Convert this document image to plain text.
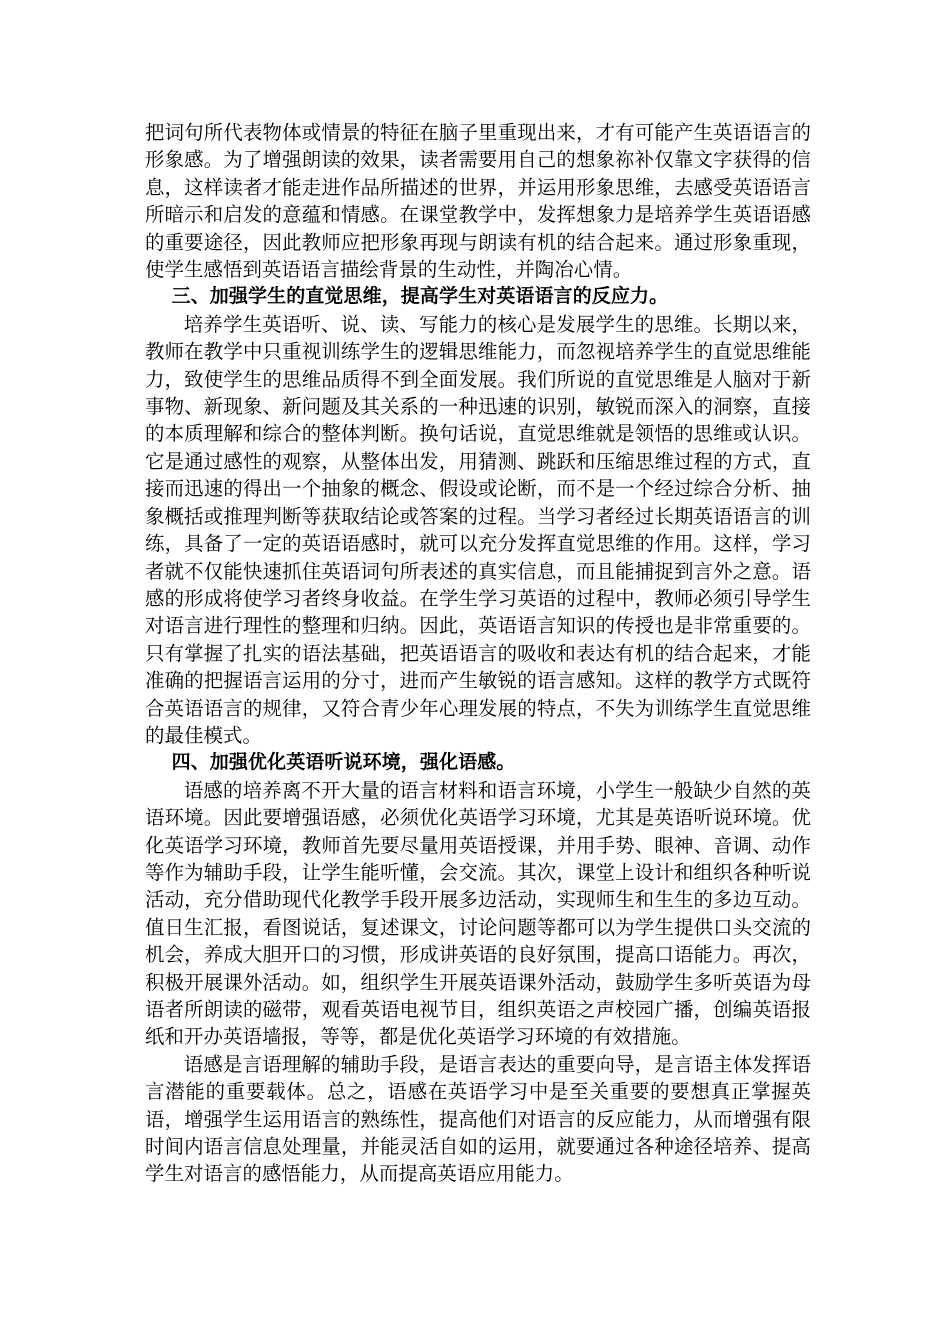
把词句所代表物体或情景的特征在脑子里重现出来，才有可能产生英语语言的形象感。为了增强朗读的效果，读者需要用自己的想象祢补仅靠文字获得的信息，这样读者才能走进作品所描述的世界，并运用形象思维，去感受英语语言所暗示和启发的意蕴和情感。在课堂教学中，发挥想象力是培养学生英语语感的重要途径，因此教师应把形象再现与朗读有机的结合起来。通过形象重现，使学生感悟到英语语言描绘背景的生动性，并陶冶心情。

三、加强学生的直觉思维，提高学生对英语语言的反应力。

培养学生英语听、说、读、写能力的核心是发展学生的思维。长期以来，教师在教学中只重视训练学生的逻辑思维能力，而忽视培养学生的直觉思维能力，致使学生的思维品质得不到全面发展。我们所说的直觉思维是人脑对于新事物、新现象、新问题及其关系的一种迅速的识别，敏锐而深入的洞察，直接的本质理解和综合的整体判断。换句话说，直觉思维就是领悟的思维或认识。它是通过感性的观察，从整体出发，用猜测、跳跃和压缩思维过程的方式，直接而迅速的得出一个抽象的概念、假设或论断，而不是一个经过综合分析、抽象概括或推理判断等获取结论或答案的过程。当学习者经过长期英语语言的训练，具备了一定的英语语感时，就可以充分发挥直觉思维的作用。这样，学习者就不仅能快速抓住英语词句所表述的真实信息，而且能捕捉到言外之意。语感的形成将使学习者终身收益。在学生学习英语的过程中，教师必须引导学生对语言进行理性的整理和归纳。因此，英语语言知识的传授也是非常重要的。只有掌握了扎实的语法基础，把英语语言的吸收和表达有机的结合起来，才能准确的把握语言运用的分寸，进而产生敏锐的语言感知。这样的教学方式既符合英语语言的规律，又符合青少年心理发展的特点，不失为训练学生直觉思维的最佳模式。

四、加强优化英语听说环境，强化语感。

语感的培养离不开大量的语言材料和语言环境，小学生一般缺少自然的英语环境。因此要增强语感，必须优化英语学习环境，尤其是英语听说环境。优化英语学习环境，教师首先要尽量用英语授课，并用手势、眼神、音调、动作等作为辅助手段，让学生能听懂，会交流。其次，课堂上设计和组织各种听说活动，充分借助现代化教学手段开展多边活动，实现师生和生生的多边互动。值日生汇报，看图说话，复述课文，讨论问题等都可以为学生提供口头交流的机会，养成大胆开口的习惯，形成讲英语的良好氛围，提高口语能力。再次，积极开展课外活动。如，组织学生开展英语课外活动，鼓励学生多听英语为母语者所朗读的磁带，观看英语电视节目，组织英语之声校园广播，创编英语报纸和开办英语墙报，等等，都是优化英语学习环境的有效措施。

语感是言语理解的辅助手段，是语言表达的重要向导，是言语主体发挥语言潜能的重要载体。总之，语感在英语学习中是至关重要的要想真正掌握英语，增强学生运用语言的熟练性，提高他们对语言的反应能力，从而增强有限时间内语言信息处理量，并能灵活自如的运用，就要通过各种途径培养、提高学生对语言的感悟能力，从而提高英语应用能力。
